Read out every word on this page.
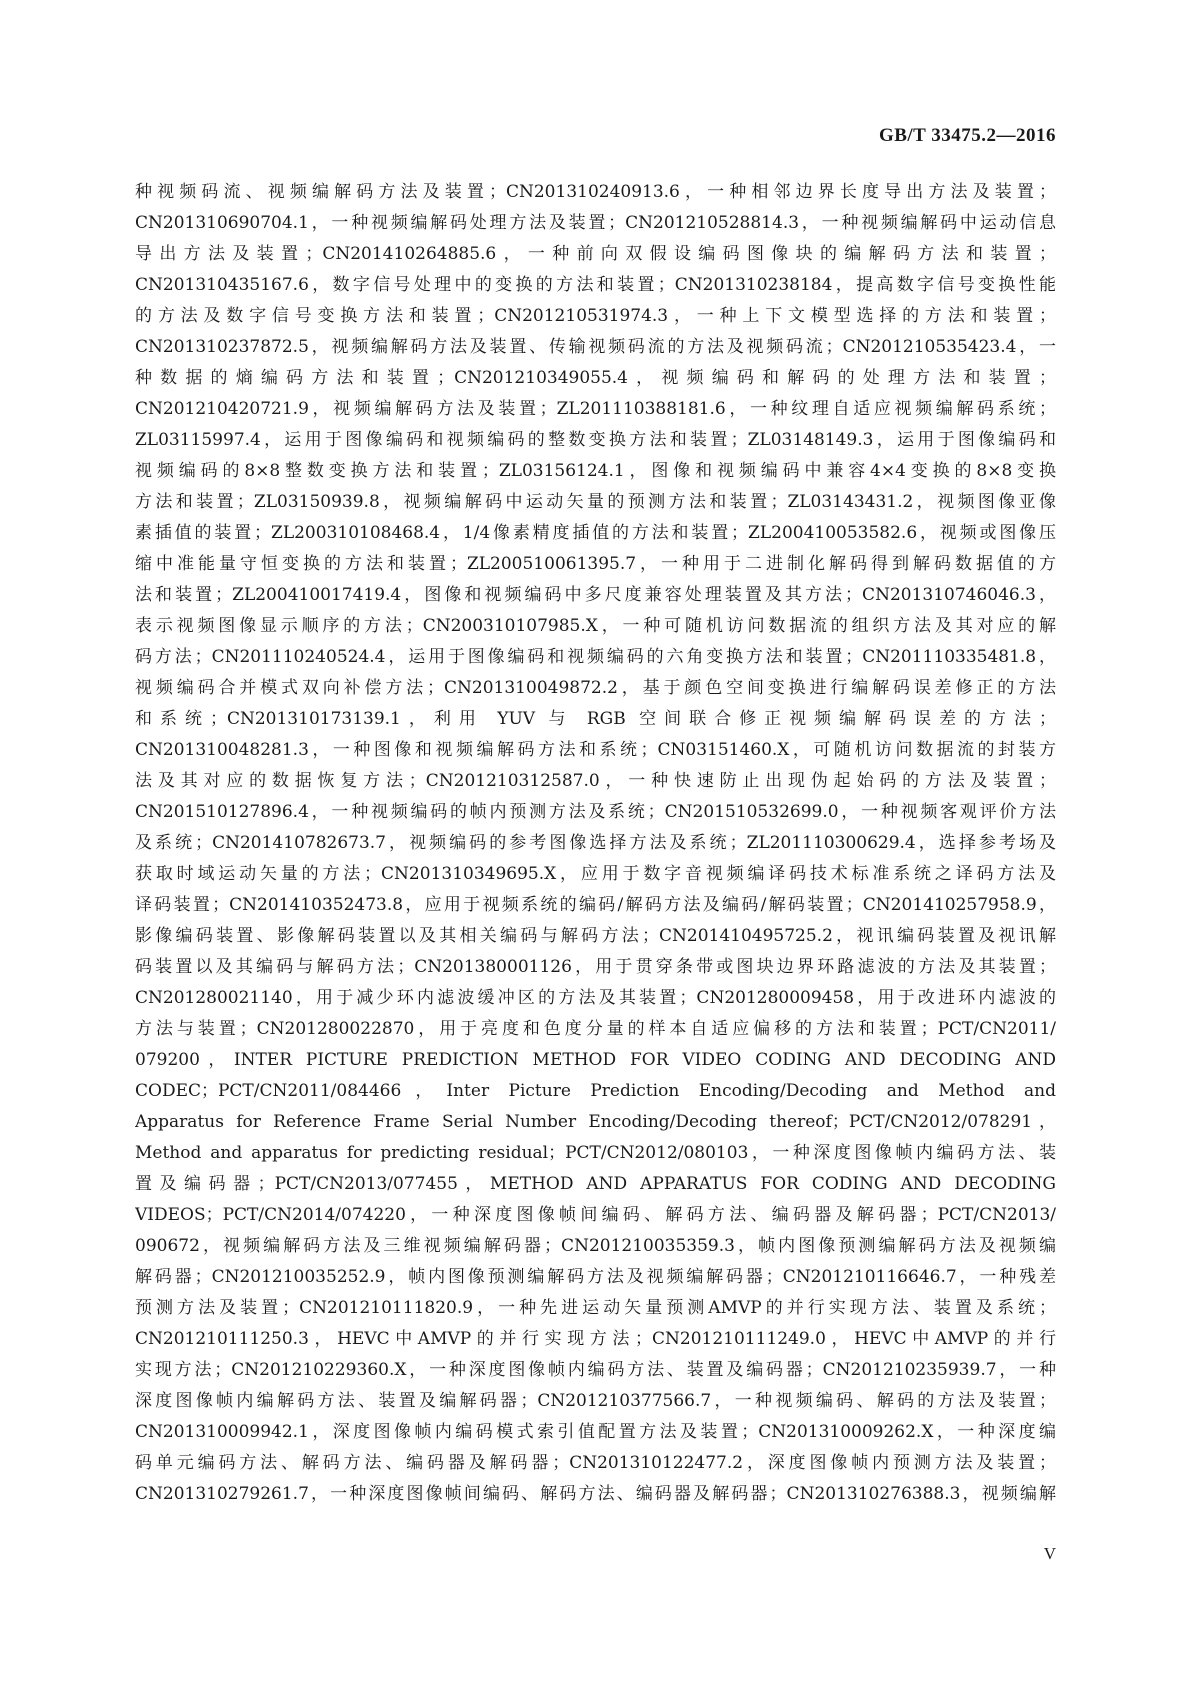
GB/T 33475.2—2016
种视频码流、视频编解码方法及装置；CN201310240913.6，一种相邻边界长度导出方法及装置；
CN201310690704.1，一种视频编解码处理方法及装置；CN201210528814.3，一种视频编解码中运动信息
导出方法及装置；CN201410264885.6，一种前向双假设编码图像块的编解码方法和装置；
CN201310435167.6，数字信号处理中的变换的方法和装置；CN201310238184，提高数字信号变换性能
的方法及数字信号变换方法和装置；CN201210531974.3，一种上下文模型选择的方法和装置；
CN201310237872.5，视频编解码方法及装置、传输视频码流的方法及视频码流；CN201210535423.4，一
种数据的熵编码方法和装置；CN201210349055.4，视频编码和解码的处理方法和装置；
CN201210420721.9，视频编解码方法及装置；ZL201110388181.6，一种纹理自适应视频编解码系统；
ZL03115997.4，运用于图像编码和视频编码的整数变换方法和装置；ZL03148149.3，运用于图像编码和
视频编码的8×8整数变换方法和装置；ZL03156124.1，图像和视频编码中兼容4×4变换的8×8变换
方法和装置；ZL03150939.8，视频编解码中运动矢量的预测方法和装置；ZL03143431.2，视频图像亚像
素插值的装置；ZL200310108468.4，1/4像素精度插值的方法和装置；ZL200410053582.6，视频或图像压
缩中准能量守恒变换的方法和装置；ZL200510061395.7，一种用于二进制化解码得到解码数据值的方
法和装置；ZL200410017419.4，图像和视频编码中多尺度兼容处理装置及其方法；CN201310746046.3，
表示视频图像显示顺序的方法；CN200310107985.X，一种可随机访问数据流的组织方法及其对应的解
码方法；CN201110240524.4，运用于图像编码和视频编码的六角变换方法和装置；CN201110335481.8，
视频编码合并模式双向补偿方法；CN201310049872.2，基于颜色空间变换进行编解码误差修正的方法
和系统；CN201310173139.1，利用 YUV 与 RGB 空间联合修正视频编解码误差的方法；
CN201310048281.3，一种图像和视频编解码方法和系统；CN03151460.X，可随机访问数据流的封装方
法及其对应的数据恢复方法；CN201210312587.0，一种快速防止出现伪起始码的方法及装置；
CN201510127896.4，一种视频编码的帧内预测方法及系统；CN201510532699.0，一种视频客观评价方法
及系统；CN201410782673.7，视频编码的参考图像选择方法及系统；ZL201110300629.4，选择参考场及
获取时域运动矢量的方法；CN201310349695.X，应用于数字音视频编译码技术标准系统之译码方法及
译码装置；CN201410352473.8，应用于视频系统的编码/解码方法及编码/解码装置；CN201410257958.9，
影像编码装置、影像解码装置以及其相关编码与解码方法；CN201410495725.2，视讯编码装置及视讯解
码装置以及其编码与解码方法；CN201380001126，用于贯穿条带或图块边界环路滤波的方法及其装置；
CN201280021140，用于减少环内滤波缓冲区的方法及其装置；CN201280009458，用于改进环内滤波的
方法与装置；CN201280022870，用于亮度和色度分量的样本自适应偏移的方法和装置；PCT/CN2011/
079200，INTER PICTURE PREDICTION METHOD FOR VIDEO CODING AND DECODING AND
CODEC；PCT/CN2011/084466，Inter Picture Prediction Encoding/Decoding and Method and
Apparatus for Reference Frame Serial Number Encoding/Decoding thereof；PCT/CN2012/078291，
Method and apparatus for predicting residual；PCT/CN2012/080103，一种深度图像帧内编码方法、装
置及编码器；PCT/CN2013/077455，METHOD AND APPARATUS FOR CODING AND DECODING
VIDEOS；PCT/CN2014/074220，一种深度图像帧间编码、解码方法、编码器及解码器；PCT/CN2013/
090672，视频编解码方法及三维视频编解码器；CN201210035359.3，帧内图像预测编解码方法及视频编
解码器；CN201210035252.9，帧内图像预测编解码方法及视频编解码器；CN201210116646.7，一种残差
预测方法及装置；CN201210111820.9，一种先进运动矢量预测AMVP的并行实现方法、装置及系统；
CN201210111250.3，HEVC中AMVP的并行实现方法；CN201210111249.0，HEVC中AMVP的并行
实现方法；CN201210229360.X，一种深度图像帧内编码方法、装置及编码器；CN201210235939.7，一种
深度图像帧内编解码方法、装置及编解码器；CN201210377566.7，一种视频编码、解码的方法及装置；
CN201310009942.1，深度图像帧内编码模式索引值配置方法及装置；CN201310009262.X，一种深度编
码单元编码方法、解码方法、编码器及解码器；CN201310122477.2，深度图像帧内预测方法及装置；
CN201310279261.7，一种深度图像帧间编码、解码方法、编码器及解码器；CN201310276388.3，视频编解
V
